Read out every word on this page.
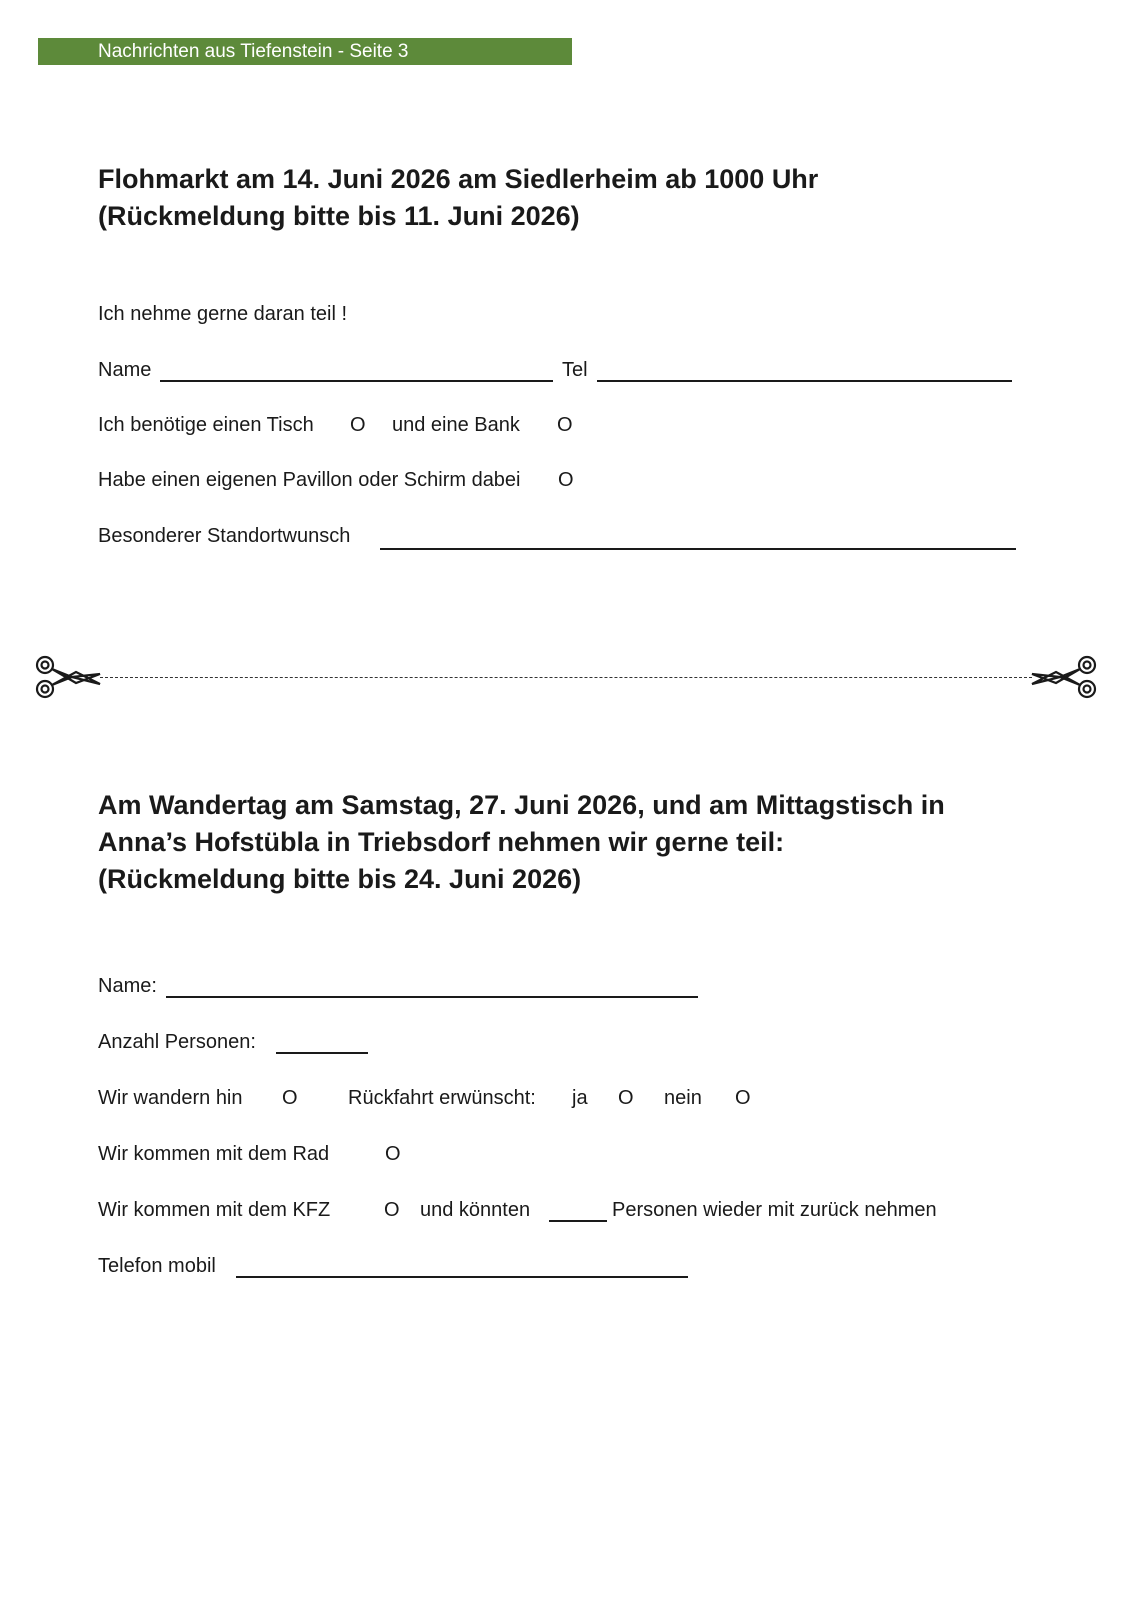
Nachrichten aus Tiefenstein - Seite 3
Flohmarkt am 14. Juni 2026 am Siedlerheim ab 1000 Uhr
(Rückmeldung bitte bis 11. Juni 2026)
Ich nehme gerne daran teil !
Name	Tel
Ich benötige einen Tisch O und eine Bank O
Habe einen eigenen Pavillon oder Schirm dabei O
Besonderer Standortwunsch
Am Wandertag am Samstag, 27. Juni 2026, und am Mittagstisch in
Anna’s Hofstübla in Triebsdorf nehmen wir gerne teil:
(Rückmeldung bitte bis 24. Juni 2026)
Name:
Anzahl Personen:
Wir wandern hin O	Rückfahrt erwünscht: ja O nein O
Wir kommen mit dem Rad	O
Wir kommen mit dem KFZ	O und könnten	Personen wieder mit zurück nehmen
Telefon mobil
